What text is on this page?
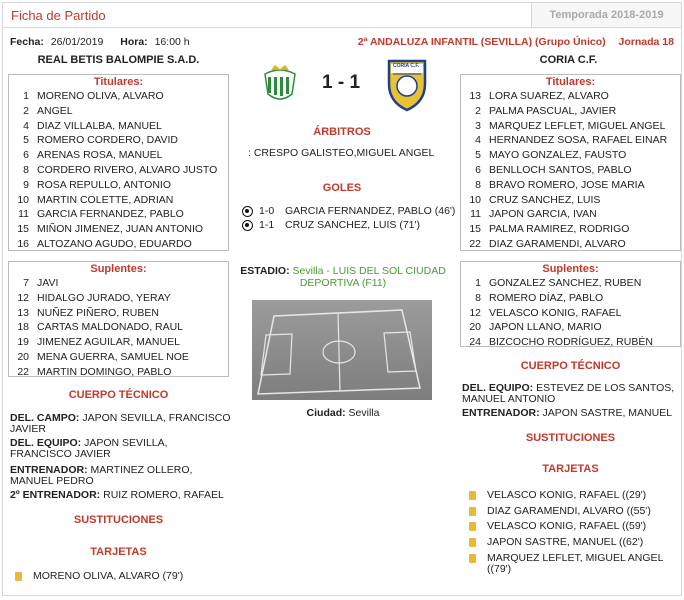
Ficha de Partido	Temporada 2018-2019
Fecha: 26/01/2019 Hora: 16:00 h	2ª ANDALUZA INFANTIL (SEVILLA) (Grupo Único) Jornada 18
REAL BETIS BALOMPIE S.A.D.	CORIA C.F.
1 - 1
CORIA C.F.
Titulares:
1 MORENO OLIVA, ALVARO
2 ANGEL
4 DIAZ VILLALBA, MANUEL
5 ROMERO CORDERO, DAVID
6 ARENAS ROSA, MANUEL
8 CORDERO RIVERO, ALVARO JUSTO
9 ROSA REPULLO, ANTONIO
10 MARTIN COLETTE, ADRIAN
11 GARCIA FERNANDEZ, PABLO
15 MIÑON JIMENEZ, JUAN ANTONIO
16 ALTOZANO AGUDO, EDUARDO
Suplentes:
7 JAVI
12 HIDALGO JURADO, YERAY
13 NUÑEZ PIÑERO, RUBEN
18 CARTAS MALDONADO, RAUL
19 JIMENEZ AGUILAR, MANUEL
20 MENA GUERRA, SAMUEL NOE
22 MARTIN DOMINGO, PABLO
Titulares:
13 LORA SUAREZ, ALVARO
2 PALMA PASCUAL, JAVIER
3 MARQUEZ LEFLET, MIGUEL ANGEL
4 HERNANDEZ SOSA, RAFAEL EINAR
5 MAYO GONZALEZ, FAUSTO
6 BENLLOCH SANTOS, PABLO
8 BRAVO ROMERO, JOSE MARIA
10 CRUZ SANCHEZ, LUIS
11 JAPON GARCIA, IVAN
15 PALMA RAMIREZ, RODRIGO
22 DIAZ GARAMENDI, ALVARO
Suplentes:
1 GONZALEZ SANCHEZ, RUBEN
8 ROMERO DÍAZ, PABLO
12 VELASCO KONIG, RAFAEL
20 JAPON LLANO, MARIO
24 BIZCOCHO RODRÍGUEZ, RUBÉN
ÁRBITROS
: CRESPO GALISTEO,MIGUEL ANGEL
GOLES
1-0	GARCIA FERNANDEZ, PABLO (46')
1-1	CRUZ SANCHEZ, LUIS (71')
ESTADIO: Sevilla - LUIS DEL SOL CIUDAD DEPORTIVA (F11)
Ciudad: Sevilla
CUERPO TÉCNICO
DEL. CAMPO: JAPON SEVILLA, FRANCISCO JAVIER
DEL. EQUIPO: JAPON SEVILLA, FRANCISCO JAVIER
ENTRENADOR: MARTINEZ OLLERO, MANUEL PEDRO
2º ENTRENADOR: RUIZ ROMERO, RAFAEL
SUSTITUCIONES
TARJETAS
MORENO OLIVA, ALVARO (79')
CUERPO TÉCNICO
DEL. EQUIPO: ESTEVEZ DE LOS SANTOS, MANUEL ANTONIO
ENTRENADOR: JAPON SASTRE, MANUEL
SUSTITUCIONES
TARJETAS
VELASCO KONIG, RAFAEL ((29')
DIAZ GARAMENDI, ALVARO ((55')
VELASCO KONIG, RAFAEL ((59')
JAPON SASTRE, MANUEL ((62')
MARQUEZ LEFLET, MIGUEL ANGEL ((79')
